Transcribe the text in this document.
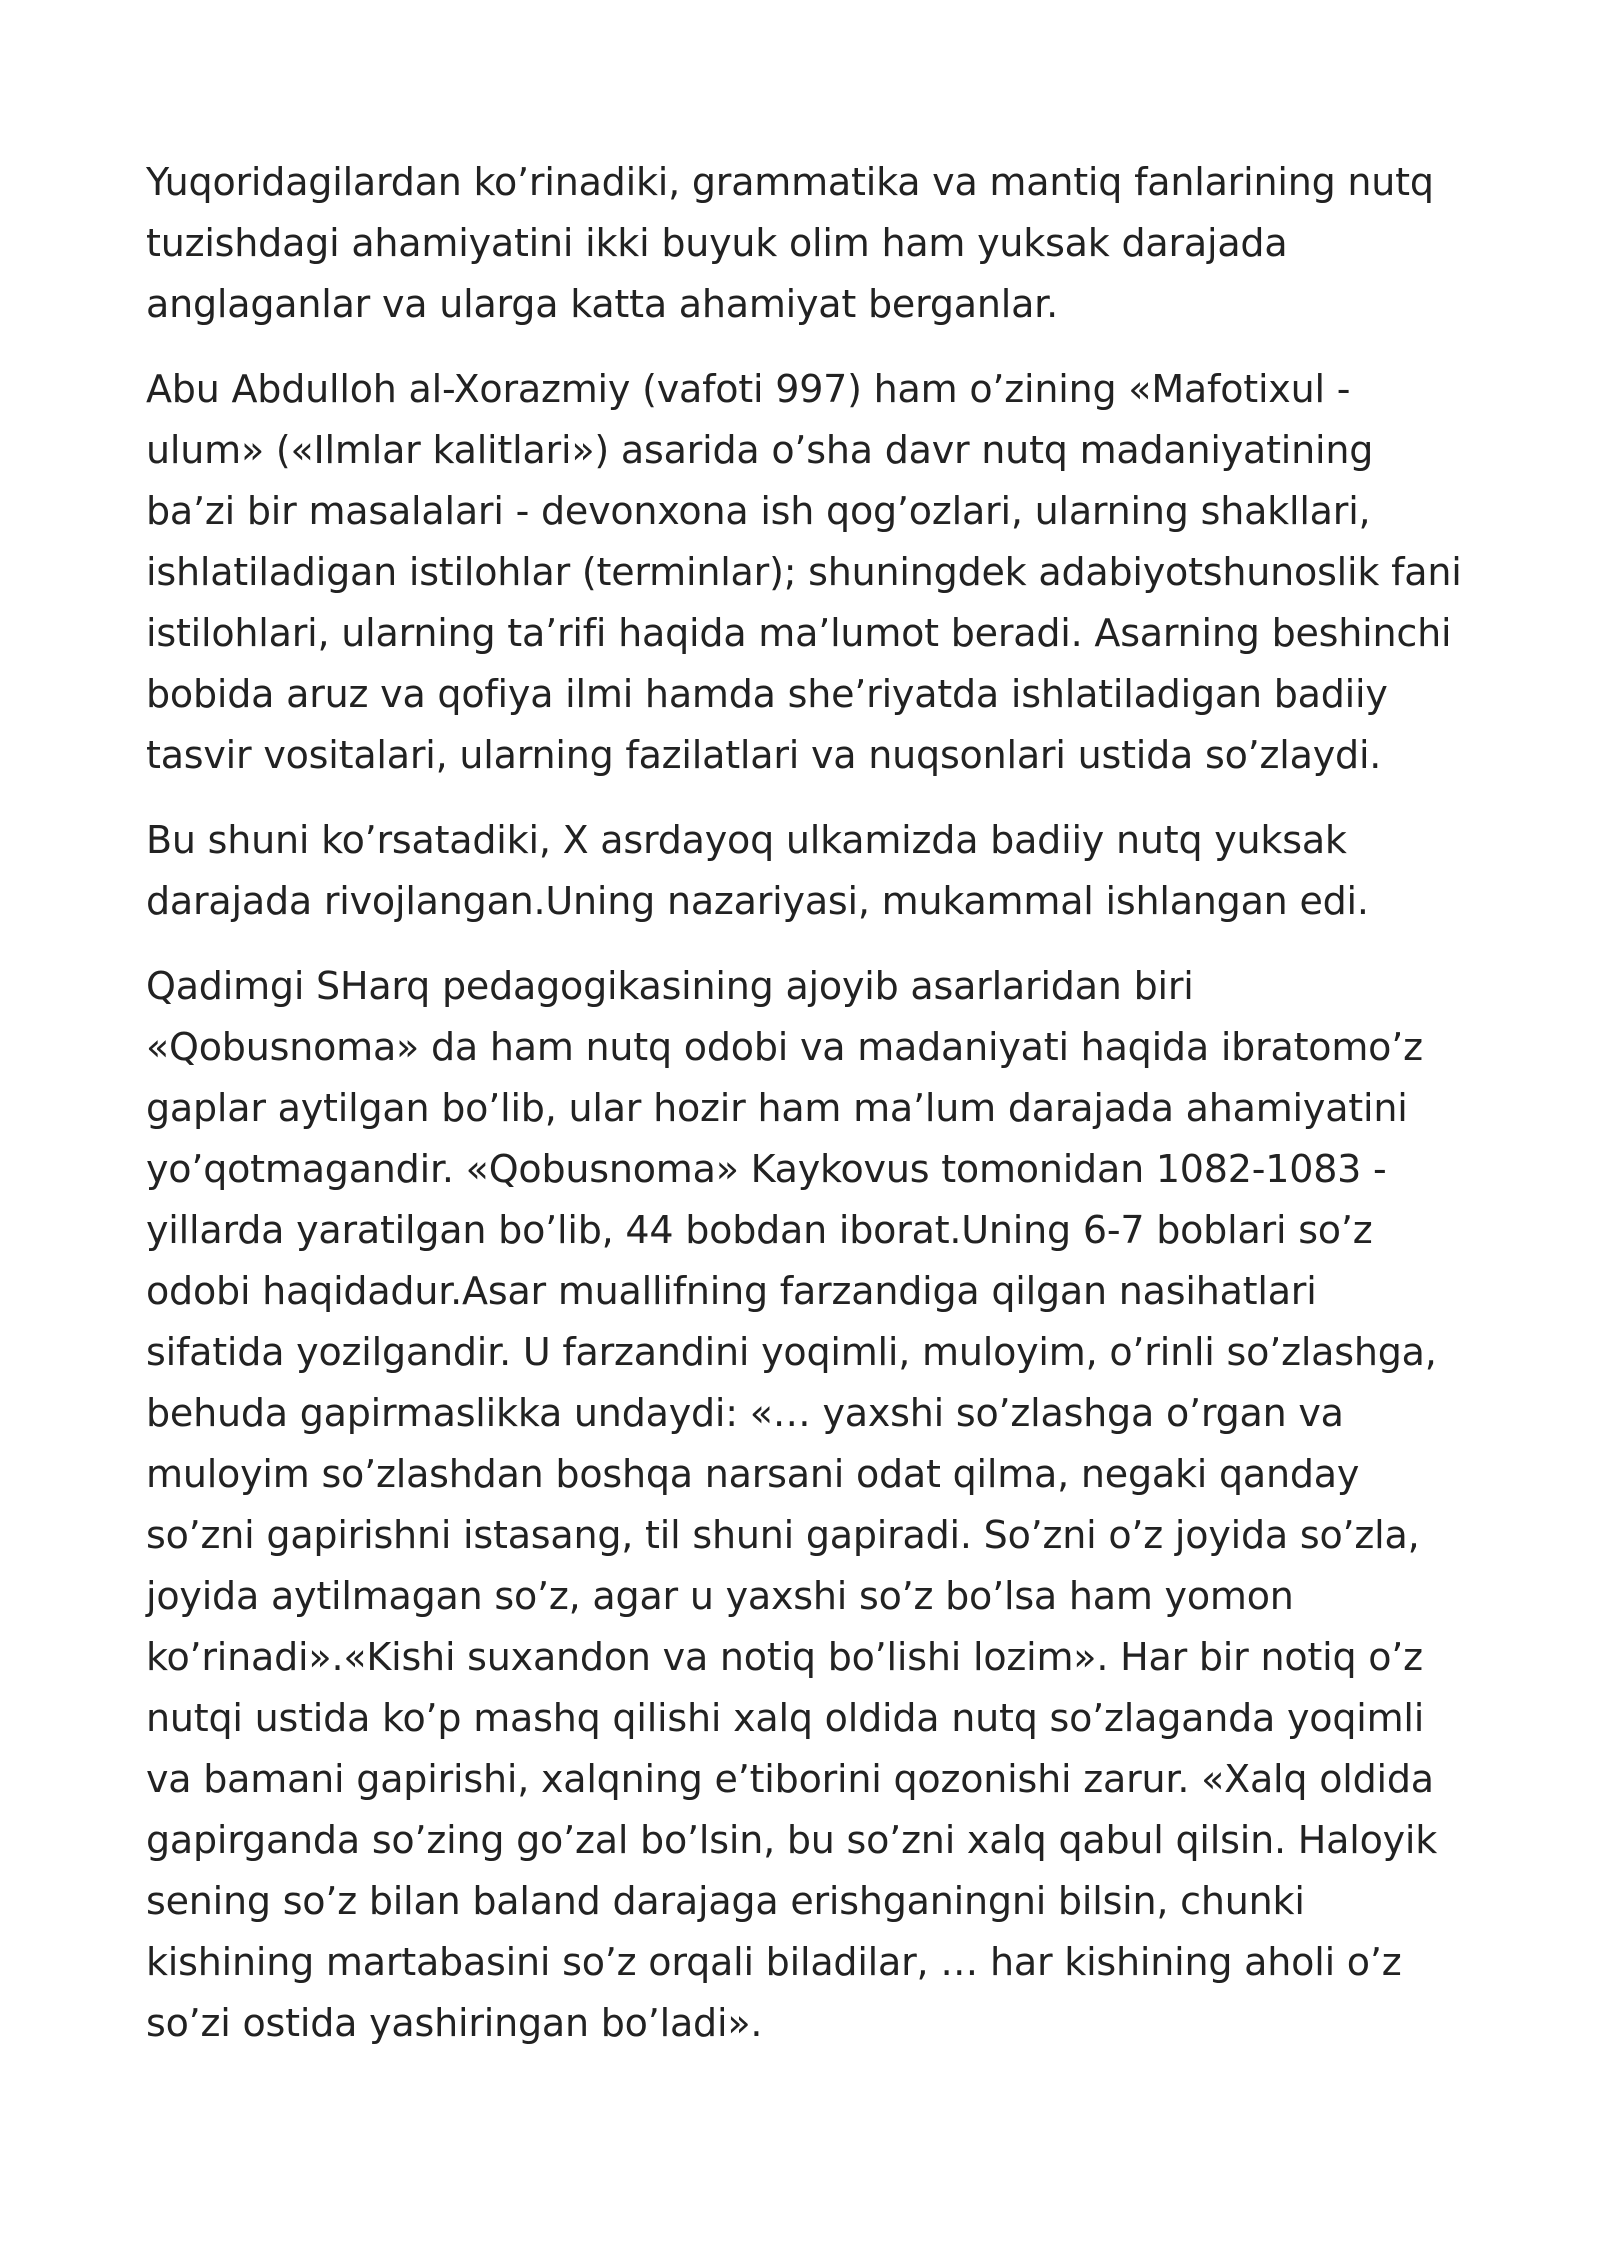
Yuqoridagilardan ko’rinadiki, grammatika va mantiq fanlarining nutq tuzishdagi ahamiyatini ikki buyuk olim ham yuksak darajada anglaganlar va ularga katta ahamiyat berganlar.

Abu Abdulloh al-Xorazmiy (vafoti 997) ham o’zining «Mafotixul - ulum» («Ilmlar kalitlari») asarida o’sha davr nutq madaniyatining ba’zi bir masalalari - devonxona ish qog’ozlari, ularning shakllari, ishlatiladigan istilohlar (terminlar); shuningdek adabiyotshunoslik fani istilohlari, ularning ta’rifi haqida ma’lumot beradi. Asarning beshinchi bobida aruz va qofiya ilmi hamda she’riyatda ishlatiladigan badiiy tasvir vositalari, ularning fazilatlari va nuqsonlari ustida so’zlaydi.

Bu shuni ko’rsatadiki, X asrdayoq ulkamizda badiiy nutq yuksak darajada rivojlangan.Uning nazariyasi, mukammal ishlangan edi.

Qadimgi SHarq pedagogikasining ajoyib asarlaridan biri «Qobusnoma» da ham nutq odobi va madaniyati haqida ibratomo’z gaplar aytilgan bo’lib, ular hozir ham ma’lum darajada ahamiyatini yo’qotmagandir. «Qobusnoma» Kaykovus tomonidan 1082-1083 -yillarda yaratilgan bo’lib, 44 bobdan iborat.Uning 6-7 boblari so’z odobi haqidadur.Asar muallifning farzandiga qilgan nasihatlari sifatida yozilgandir. U farzandini yoqimli, muloyim, o’rinli so’zlashga, behuda gapirmaslikka undaydi: «… yaxshi so’zlashga o’rgan va muloyim so’zlashdan boshqa narsani odat qilma, negaki qanday so’zni gapirishni istasang, til shuni gapiradi. So’zni o’z joyida so’zla, joyida aytilmagan so’z, agar u yaxshi so’z bo’lsa ham yomon ko’rinadi».«Kishi suxandon va notiq bo’lishi lozim». Har bir notiq o’z nutqi ustida ko’p mashq qilishi xalq oldida nutq so’zlaganda yoqimli va bamani gapirishi, xalqning e’tiborini qozonishi zarur. «Xalq oldida gapirganda so’zing go’zal bo’lsin, bu so’zni xalq qabul qilsin. Haloyik sening so’z bilan baland darajaga erishganingni bilsin, chunki kishining martabasini so’z orqali biladilar, … har kishining aholi o’z so’zi ostida yashiringan bo’ladi».
